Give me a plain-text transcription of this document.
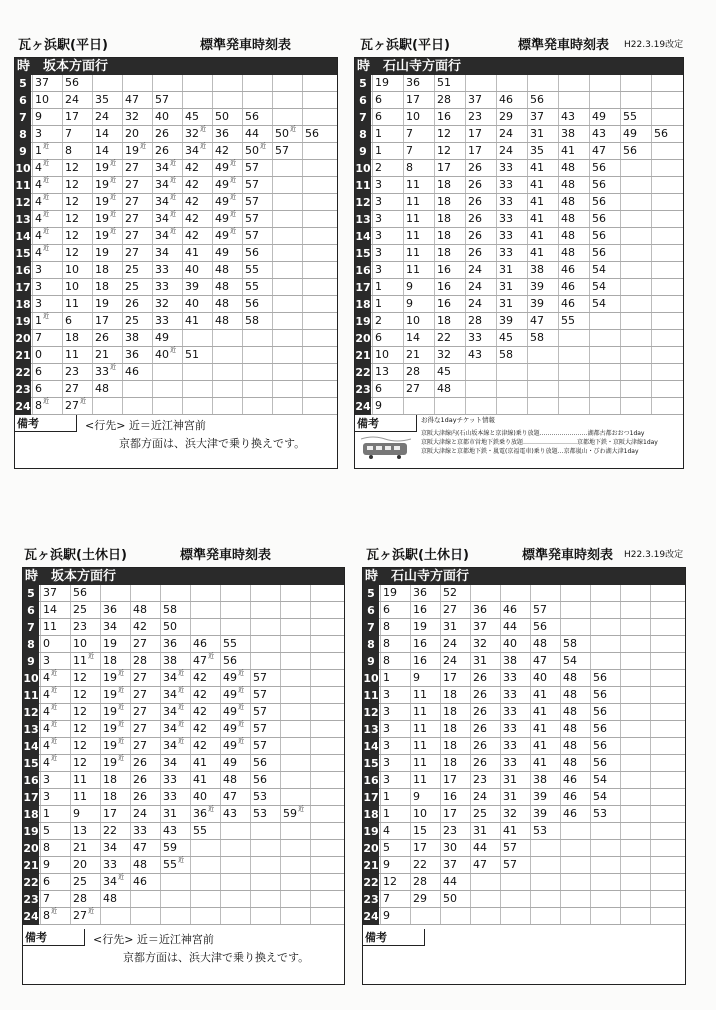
瓦ヶ浜駅(平日)	標準発車時刻表
時 坂本方面行
5 37	56
6 10	24	35	47	57
7 9	17	24	32	40	45	50	56
8 3	7	14	20	26	$32^近$ 36	44	$50^近$ 56
9 $1^近$	8	14	$19^近$ 26	$34^近$ 42	$50^近$ 57
10 $4^近$	12	$19^近$ 27	$34^近$ 42	$49^近$ 57
11 $4^近$	12	$19^近$ 27	$34^近$ 42	$49^近$ 57
12 $4^近$	12	$19^近$ 27	$34^近$ 42	$49^近$ 57
13 $4^近$	12	$19^近$ 27	$34^近$ 42	$49^近$ 57
14 $4^近$	12	$19^近$ 27	$34^近$ 42	$49^近$ 57
15 $4^近$	12	19	27	34	41	49	56
16 3	10	18	25	33	40	48	55
17 3	10	18	25	33	39	48	55
18 3	11	19	26	32	40	48	56
19 $1^近$	6	17	25	33	41	48	58
20 7	18	26	38	49
21 0	11	21	36	$40^近$ 51
22 6	23	$33^近$ 46
23 6	27	48
24 $8^近$	$27^近$
備考	<行先> 近＝近江神宮前
京都方面は、浜大津で乗り換えです。
瓦ヶ浜駅(平日)	標準発車時刻表 H22.3.19改定
時 石山寺方面行
5 19	36	51
6 6	17	28	37	46	56
7 6	10	16	23	29	37	43	49	55
8 1	7	12	17	24	31	38	43	49	56
9 1	7	12	17	24	35	41	47	56
10 2	8	17	26	33	41	48	56
11 3	11	18	26	33	41	48	56
12 3	11	18	26	33	41	48	56
13 3	11	18	26	33	41	48	56
14 3	11	18	26	33	41	48	56
15 3	11	18	26	33	41	48	56
16 3	11	16	24	31	38	46	54
17 1	9	16	24	31	39	46	54
18 1	9	16	24	31	39	46	54
19 2	10	18	28	39	47	55
20 6	14	22	33	45	58
21 10	21	32	43	58
22 13	28	45
23 6	27	48
24 9
備考	お得な1dayチケット情報
京阪大津線内(石山坂本線と京津線)乗り放題……………………湖都古都おおつ1day
京阪大津線と京都市営地下鉄乗り放題………………………京都地下鉄・京阪大津線1day
京阪大津線と京都地下鉄・嵐電(京福電車)乗り放題…京都嵐山・びわ湖大津1day
瓦ヶ浜駅(土休日)	標準発車時刻表
時 坂本方面行
5 37	56
6 14	25	36	48	58
7 11	23	34	42	50
8 0	10	19	27	36	46	55
9 3	$11^近$ 18	28	38	$47^近$ 56
10 $4^近$	12	$19^近$ 27	$34^近$ 42	$49^近$ 57
11 $4^近$	12	$19^近$ 27	$34^近$ 42	$49^近$ 57
12 $4^近$	12	$19^近$ 27	$34^近$ 42	$49^近$ 57
13 $4^近$	12	$19^近$ 27	$34^近$ 42	$49^近$ 57
14 $4^近$	12	$19^近$ 27	$34^近$ 42	$49^近$ 57
15 $4^近$	12	$19^近$ 26	34	41	49	56
16 3	11	18	26	33	41	48	56
17 3	11	18	26	33	40	47	53
18 1	9	17	24	31	$36^近$ 43	53	$59^近$
19 5	13	22	33	43	55
20 8	21	34	47	59
21 9	20	33	48	$55^近$
22 6	25	$34^近$ 46
23 7	28	48
24 $8^近$	$27^近$
備考	<行先> 近＝近江神宮前
京都方面は、浜大津で乗り換えです。
瓦ヶ浜駅(土休日)	標準発車時刻表 H22.3.19改定
時 石山寺方面行
5 19	36	52
6 6	16	27	36	46	57
7 8	19	31	37	44	56
8 8	16	24	32	40	48	58
9 8	16	24	31	38	47	54
10 1	9	17	26	33	40	48	56
11 3	11	18	26	33	41	48	56
12 3	11	18	26	33	41	48	56
13 3	11	18	26	33	41	48	56
14 3	11	18	26	33	41	48	56
15 3	11	18	26	33	41	48	56
16 3	11	17	23	31	38	46	54
17 1	9	16	24	31	39	46	54
18 1	10	17	25	32	39	46	53
19 4	15	23	31	41	53
20 5	17	30	44	57
21 9	22	37	47	57
22 12	28	44
23 7	29	50
24 9
備考
